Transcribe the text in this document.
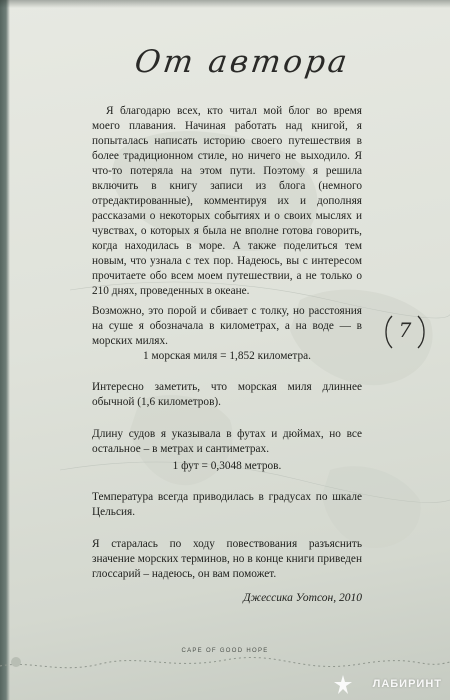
От автора
Я благодарю всех, кто читал мой блог во время моего плавания. Начиная работать над книгой, я попыталась написать историю своего путешествия в более традиционном стиле, но ничего не выходило. Я что-то потеряла на этом пути. Поэтому я решила включить в книгу записи из блога (немного отредактированные), комментируя их и дополняя рассказами о некоторых событиях и о своих мыслях и чувствах, о которых я была не вполне готова говорить, когда находилась в море. А также поделиться тем новым, что узнала с тех пор. Надеюсь, вы с интересом прочитаете обо всем моем путешествии, а не только о 210 днях, проведенных в океане.
Возможно, это порой и сбивает с толку, но расстояния на суше я обозначала в километрах, а на воде — в морских милях.
1 морская миля = 1,852 километра.
Интересно заметить, что морская миля длиннее обычной (1,6 километров).
Длину судов я указывала в футах и дюймах, но все остальное – в метрах и сантиметрах.
1 фут = 0,3048 метров.
Температура всегда приводилась в градусах по шкале Цельсия.
Я старалась по ходу повествования разъяснить значение морских терминов, но в конце книги приведен глоссарий – надеюсь, он вам поможет.
Джессика Уотсон, 2010
7
CAPE OF GOOD HOPE
ЛАБИРИНТ
